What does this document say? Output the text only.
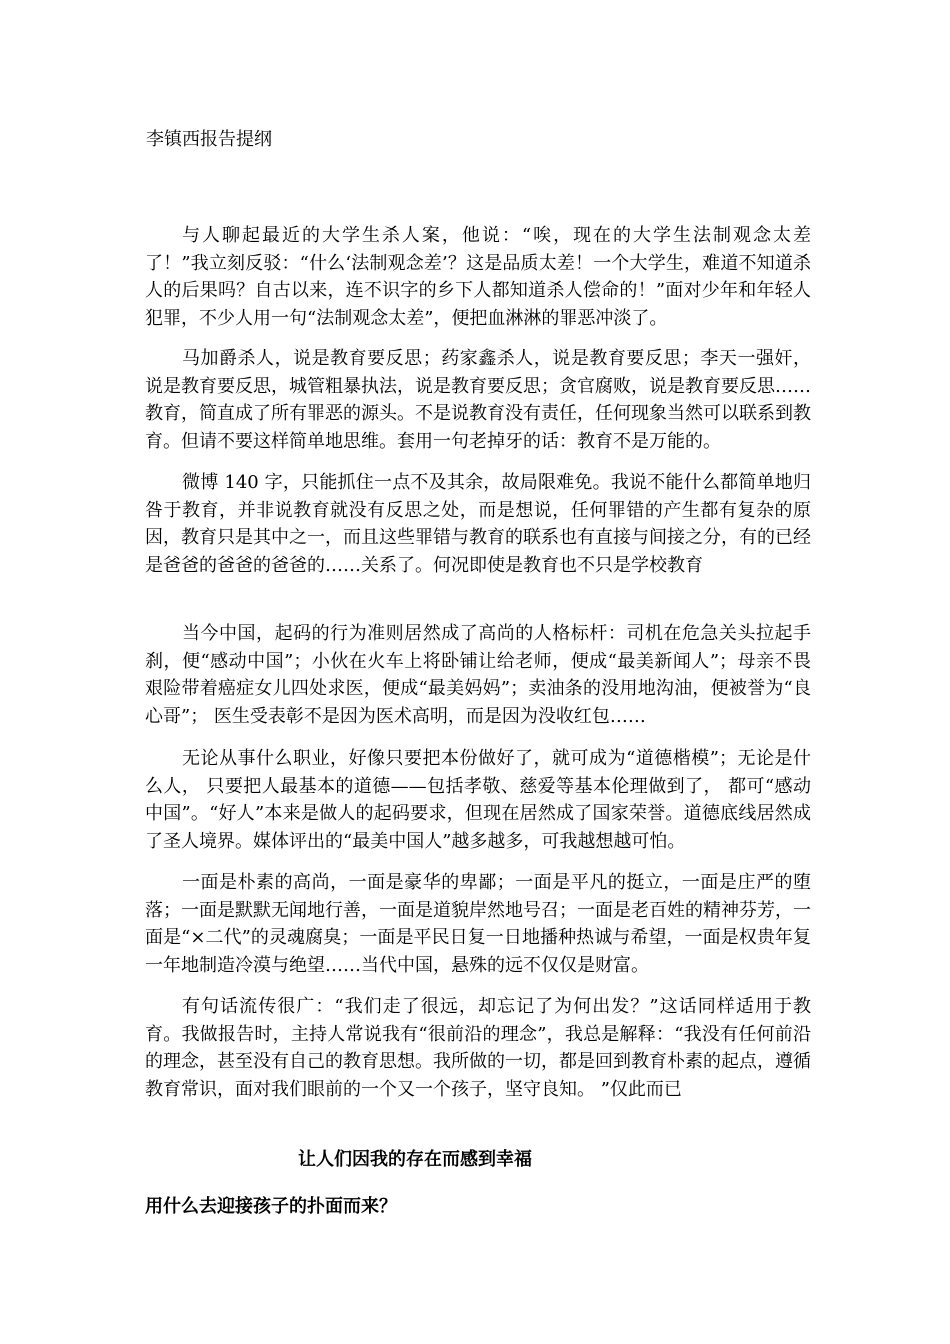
李镇西报告提纲

与人聊起最近的大学生杀人案，他说：“唉，现在的大学生法制观念太差了！”我立刻反驳：“什么‘法制观念差’？这是品质太差！一个大学生，难道不知道杀人的后果吗？自古以来，连不识字的乡下人都知道杀人偿命的！”面对少年和年轻人犯罪，不少人用一句“法制观念太差”，便把血淋淋的罪恶冲淡了。

马加爵杀人，说是教育要反思；药家鑫杀人，说是教育要反思；李天一强奸，说是教育要反思，城管粗暴执法，说是教育要反思；贪官腐败，说是教育要反思……教育，简直成了所有罪恶的源头。不是说教育没有责任，任何现象当然可以联系到教育。但请不要这样简单地思维。套用一句老掉牙的话：教育不是万能的。

微博 140 字，只能抓住一点不及其余，故局限难免。我说不能什么都简单地归咎于教育，并非说教育就没有反思之处，而是想说，任何罪错的产生都有复杂的原因，教育只是其中之一，而且这些罪错与教育的联系也有直接与间接之分，有的已经是爸爸的爸爸的爸爸的……关系了。何况即使是教育也不只是学校教育

当今中国，起码的行为准则居然成了高尚的人格标杆：司机在危急关头拉起手刹，便“感动中国”；小伙在火车上将卧铺让给老师，便成“最美新闻人”；母亲不畏艰险带着癌症女儿四处求医，便成“最美妈妈”；卖油条的没用地沟油，便被誉为“良心哥”； 医生受表彰不是因为医术高明，而是因为没收红包……

无论从事什么职业，好像只要把本份做好了，就可成为“道德楷模”；无论是什么人， 只要把人最基本的道德——包括孝敬、慈爱等基本伦理做到了， 都可“感动中国”。“好人”本来是做人的起码要求，但现在居然成了国家荣誉。道德底线居然成了圣人境界。媒体评出的“最美中国人”越多越多，可我越想越可怕。

一面是朴素的高尚，一面是豪华的卑鄙；一面是平凡的挺立，一面是庄严的堕落；一面是默默无闻地行善，一面是道貌岸然地号召；一面是老百姓的精神芬芳，一面是“×二代”的灵魂腐臭；一面是平民日复一日地播种热诚与希望，一面是权贵年复一年地制造冷漠与绝望……当代中国，悬殊的远不仅仅是财富。

有句话流传很广：“我们走了很远，却忘记了为何出发？”这话同样适用于教育。我做报告时，主持人常说我有“很前沿的理念”，我总是解释：“我没有任何前沿的理念，甚至没有自己的教育思想。我所做的一切，都是回到教育朴素的起点，遵循教育常识，面对我们眼前的一个又一个孩子，坚守良知。 ”仅此而已

让人们因我的存在而感到幸福
用什么去迎接孩子的扑面而来？
